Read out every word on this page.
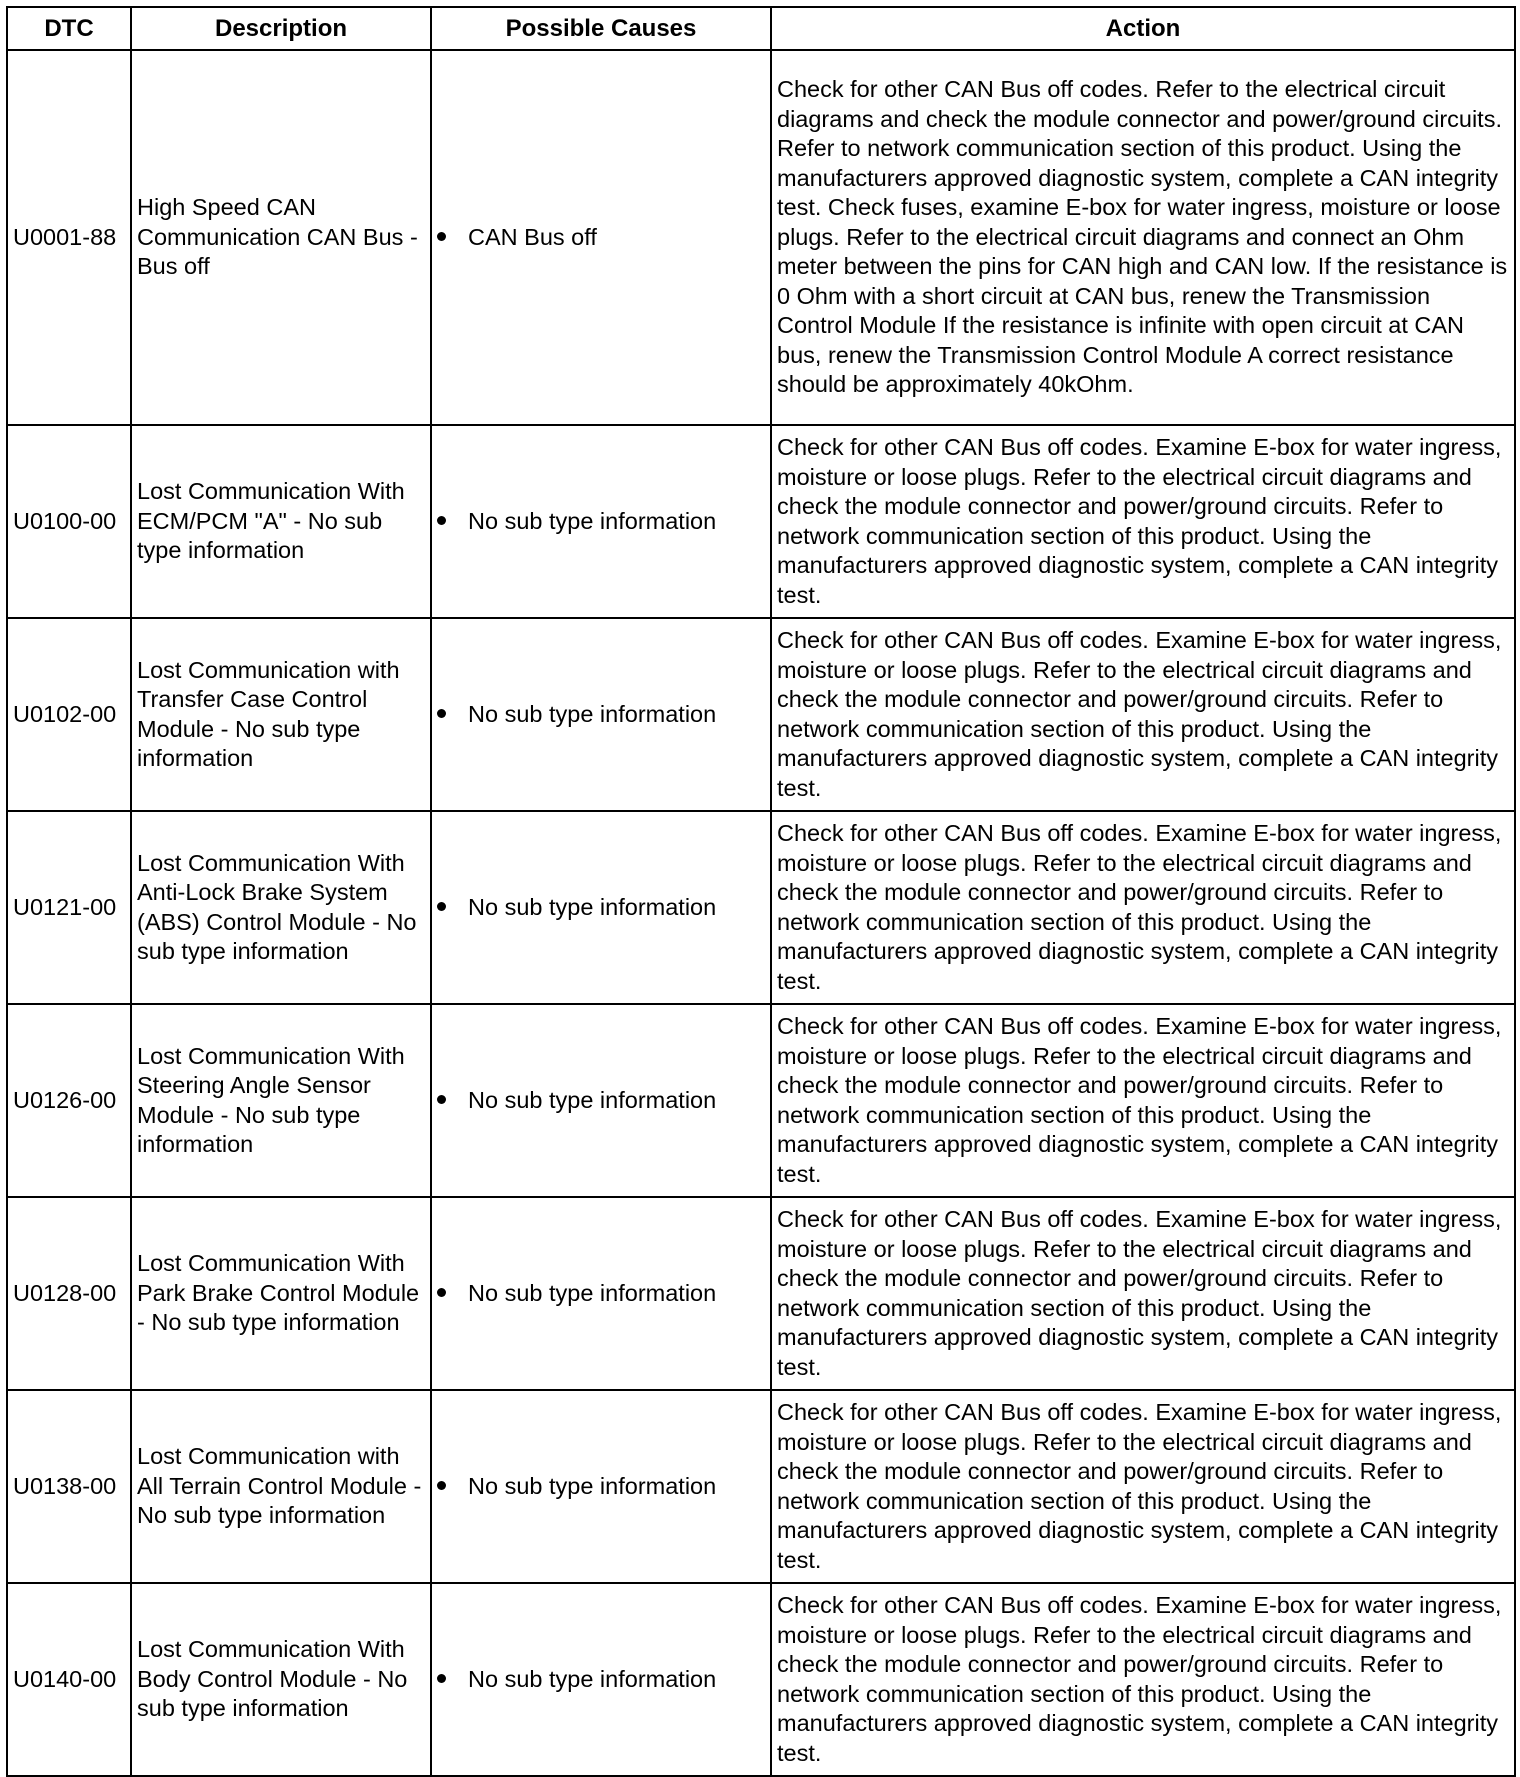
DTC	Description	Possible Causes	Action
U0001-88	High Speed CAN Communication CAN Bus - Bus off	CAN Bus off	Check for other CAN Bus off codes. Refer to the electrical circuit diagrams and check the module connector and power/ground circuits. Refer to network communication section of this product. Using the manufacturers approved diagnostic system, complete a CAN integrity test. Check fuses, examine E-box for water ingress, moisture or loose plugs. Refer to the electrical circuit diagrams and connect an Ohm meter between the pins for CAN high and CAN low. If the resistance is 0 Ohm with a short circuit at CAN bus, renew the Transmission Control Module If the resistance is infinite with open circuit at CAN bus, renew the Transmission Control Module A correct resistance should be approximately 40kOhm.
U0100-00	Lost Communication With ECM/PCM "A" - No sub type information	No sub type information	Check for other CAN Bus off codes. Examine E-box for water ingress, moisture or loose plugs. Refer to the electrical circuit diagrams and check the module connector and power/ground circuits. Refer to network communication section of this product. Using the manufacturers approved diagnostic system, complete a CAN integrity test.
U0102-00	Lost Communication with Transfer Case Control Module - No sub type information	No sub type information	Check for other CAN Bus off codes. Examine E-box for water ingress, moisture or loose plugs. Refer to the electrical circuit diagrams and check the module connector and power/ground circuits. Refer to network communication section of this product. Using the manufacturers approved diagnostic system, complete a CAN integrity test.
U0121-00	Lost Communication With Anti-Lock Brake System (ABS) Control Module - No sub type information	No sub type information	Check for other CAN Bus off codes. Examine E-box for water ingress, moisture or loose plugs. Refer to the electrical circuit diagrams and check the module connector and power/ground circuits. Refer to network communication section of this product. Using the manufacturers approved diagnostic system, complete a CAN integrity test.
U0126-00	Lost Communication With Steering Angle Sensor Module - No sub type information	No sub type information	Check for other CAN Bus off codes. Examine E-box for water ingress, moisture or loose plugs. Refer to the electrical circuit diagrams and check the module connector and power/ground circuits. Refer to network communication section of this product. Using the manufacturers approved diagnostic system, complete a CAN integrity test.
U0128-00	Lost Communication With Park Brake Control Module - No sub type information	No sub type information	Check for other CAN Bus off codes. Examine E-box for water ingress, moisture or loose plugs. Refer to the electrical circuit diagrams and check the module connector and power/ground circuits. Refer to network communication section of this product. Using the manufacturers approved diagnostic system, complete a CAN integrity test.
U0138-00	Lost Communication with All Terrain Control Module - No sub type information	No sub type information	Check for other CAN Bus off codes. Examine E-box for water ingress, moisture or loose plugs. Refer to the electrical circuit diagrams and check the module connector and power/ground circuits. Refer to network communication section of this product. Using the manufacturers approved diagnostic system, complete a CAN integrity test.
U0140-00	Lost Communication With Body Control Module - No sub type information	No sub type information	Check for other CAN Bus off codes. Examine E-box for water ingress, moisture or loose plugs. Refer to the electrical circuit diagrams and check the module connector and power/ground circuits. Refer to network communication section of this product. Using the manufacturers approved diagnostic system, complete a CAN integrity test.
